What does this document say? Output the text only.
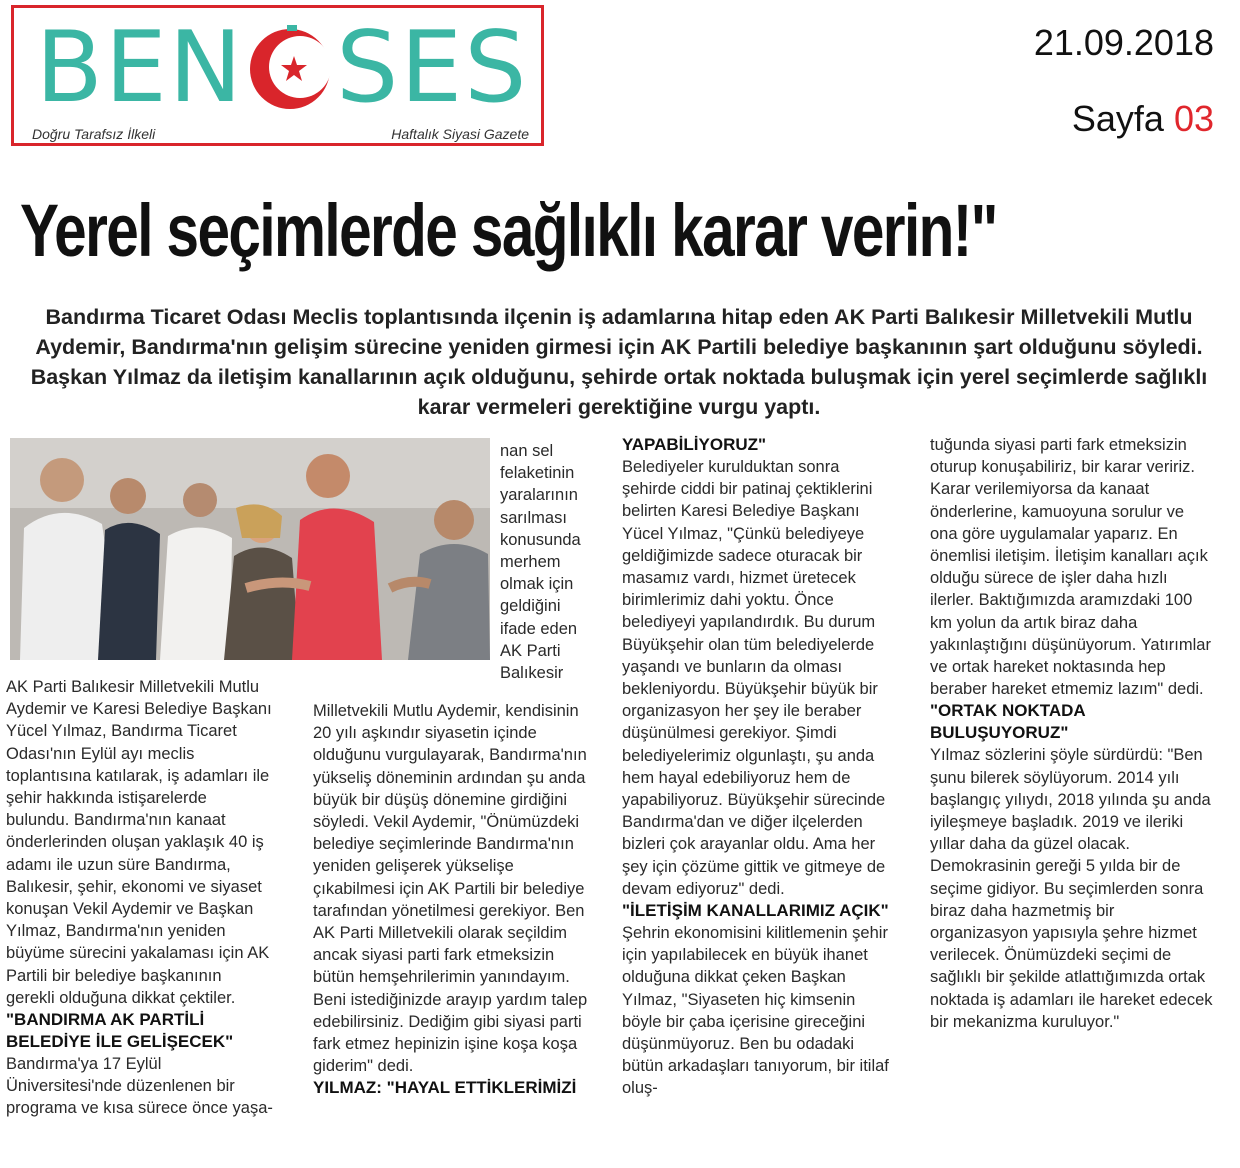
BEN SES
Doğru Tarafsız İlkeli	Haftalık Siyasi Gazete
21.09.2018
Sayfa 03
Yerel seçimlerde sağlıklı karar verin!"
Bandırma Ticaret Odası Meclis toplantısında ilçenin iş adamlarına hitap eden AK Parti Balıkesir Milletvekili Mutlu Aydemir, Bandırma'nın gelişim sürecine yeniden girmesi için AK Partili belediye başkanının şart olduğunu söyledi. Başkan Yılmaz da iletişim kanallarının açık olduğunu, şehirde ortak noktada buluşmak için yerel seçimlerde sağlıklı karar vermeleri gerektiğine vurgu yaptı.

AK Parti Balıkesir Milletvekili Mutlu Aydemir ve Karesi Belediye Başkanı Yücel Yılmaz, Bandırma Ticaret Odası'nın Eylül ayı meclis toplantısına katılarak, iş adamları ile şehir hakkında istişarelerde bulundu. Bandırma'nın kanaat önderlerinden oluşan yaklaşık 40 iş adamı ile uzun süre Bandırma, Balıkesir, şehir, ekonomi ve siyaset konuşan Vekil Aydemir ve Başkan Yılmaz, Bandırma'nın yeniden büyüme sürecini yakalaması için AK Partili bir belediye başkanının gerekli olduğuna dikkat çektiler.

"BANDIRMA AK PARTİLİ BELEDİYE İLE GELİŞECEK"

Bandırma'ya 17 Eylül Üniversitesi'nde düzenlenen bir programa ve kısa sürece önce yaşa-

nan sel felaketinin yaralarının sarılması konusunda merhem olmak için geldiğini ifade eden AK Parti Balıkesir

Milletvekili Mutlu Aydemir, kendisinin 20 yılı aşkındır siyasetin içinde olduğunu vurgulayarak, Bandırma'nın yükseliş döneminin ardından şu anda büyük bir düşüş dönemine girdiğini söyledi. Vekil Aydemir, "Önümüzdeki belediye seçimlerinde Bandırma'nın yeniden gelişerek yükselişe çıkabilmesi için AK Partili bir belediye tarafından yönetilmesi gerekiyor. Ben AK Parti Milletvekili olarak seçildim ancak siyasi parti fark etmeksizin bütün hemşehrilerimin yanındayım. Beni istediğinizde arayıp yardım talep edebilirsiniz. Dediğim gibi siyasi parti fark etmez hepinizin işine koşa koşa giderim" dedi.

YILMAZ: "HAYAL ETTİKLERİMİZİ

YAPABİLİYORUZ"

Belediyeler kurulduktan sonra şehirde ciddi bir patinaj çektiklerini belirten Karesi Belediye Başkanı Yücel Yılmaz, "Çünkü belediyeye geldiğimizde sadece oturacak bir masamız vardı, hizmet üretecek birimlerimiz dahi yoktu. Önce belediyeyi yapılandırdık. Bu durum Büyükşehir olan tüm belediyelerde yaşandı ve bunların da olması bekleniyordu. Büyükşehir büyük bir organizasyon her şey ile beraber düşünülmesi gerekiyor. Şimdi belediyelerimiz olgunlaştı, şu anda hem hayal edebiliyoruz hem de yapabiliyoruz. Büyükşehir sürecinde Bandırma'dan ve diğer ilçelerden bizleri çok arayanlar oldu. Ama her şey için çözüme gittik ve gitmeye de devam ediyoruz" dedi.

"İLETİŞİM KANALLARIMIZ AÇIK"

Şehrin ekonomisini kilitlemenin şehir için yapılabilecek en büyük ihanet olduğuna dikkat çeken Başkan Yılmaz, "Siyaseten hiç kimsenin böyle bir çaba içerisine gireceğini düşünmüyoruz. Ben bu odadaki bütün arkadaşları tanıyorum, bir itilaf oluş-

tuğunda siyasi parti fark etmeksizin oturup konuşabiliriz, bir karar veririz. Karar verilemiyorsa da kanaat önderlerine, kamuoyuna sorulur ve ona göre uygulamalar yaparız. En önemlisi iletişim. İletişim kanalları açık olduğu sürece de işler daha hızlı ilerler. Baktığımızda aramızdaki 100 km yolun da artık biraz daha yakınlaştığını düşünüyorum. Yatırımlar ve ortak hareket noktasında hep beraber hareket etmemiz lazım" dedi.

"ORTAK NOKTADA BULUŞUYORUZ"

Yılmaz sözlerini şöyle sürdürdü: "Ben şunu bilerek söylüyorum. 2014 yılı başlangıç yılıydı, 2018 yılında şu anda iyileşmeye başladık. 2019 ve ileriki yıllar daha da güzel olacak. Demokrasinin gereği 5 yılda bir de seçime gidiyor. Bu seçimlerden sonra biraz daha hazmetmiş bir organizasyon yapısıyla şehre hizmet verilecek. Önümüzdeki seçimi de sağlıklı bir şekilde atlattığımızda ortak noktada iş adamları ile hareket edecek bir mekanizma kuruluyor."
